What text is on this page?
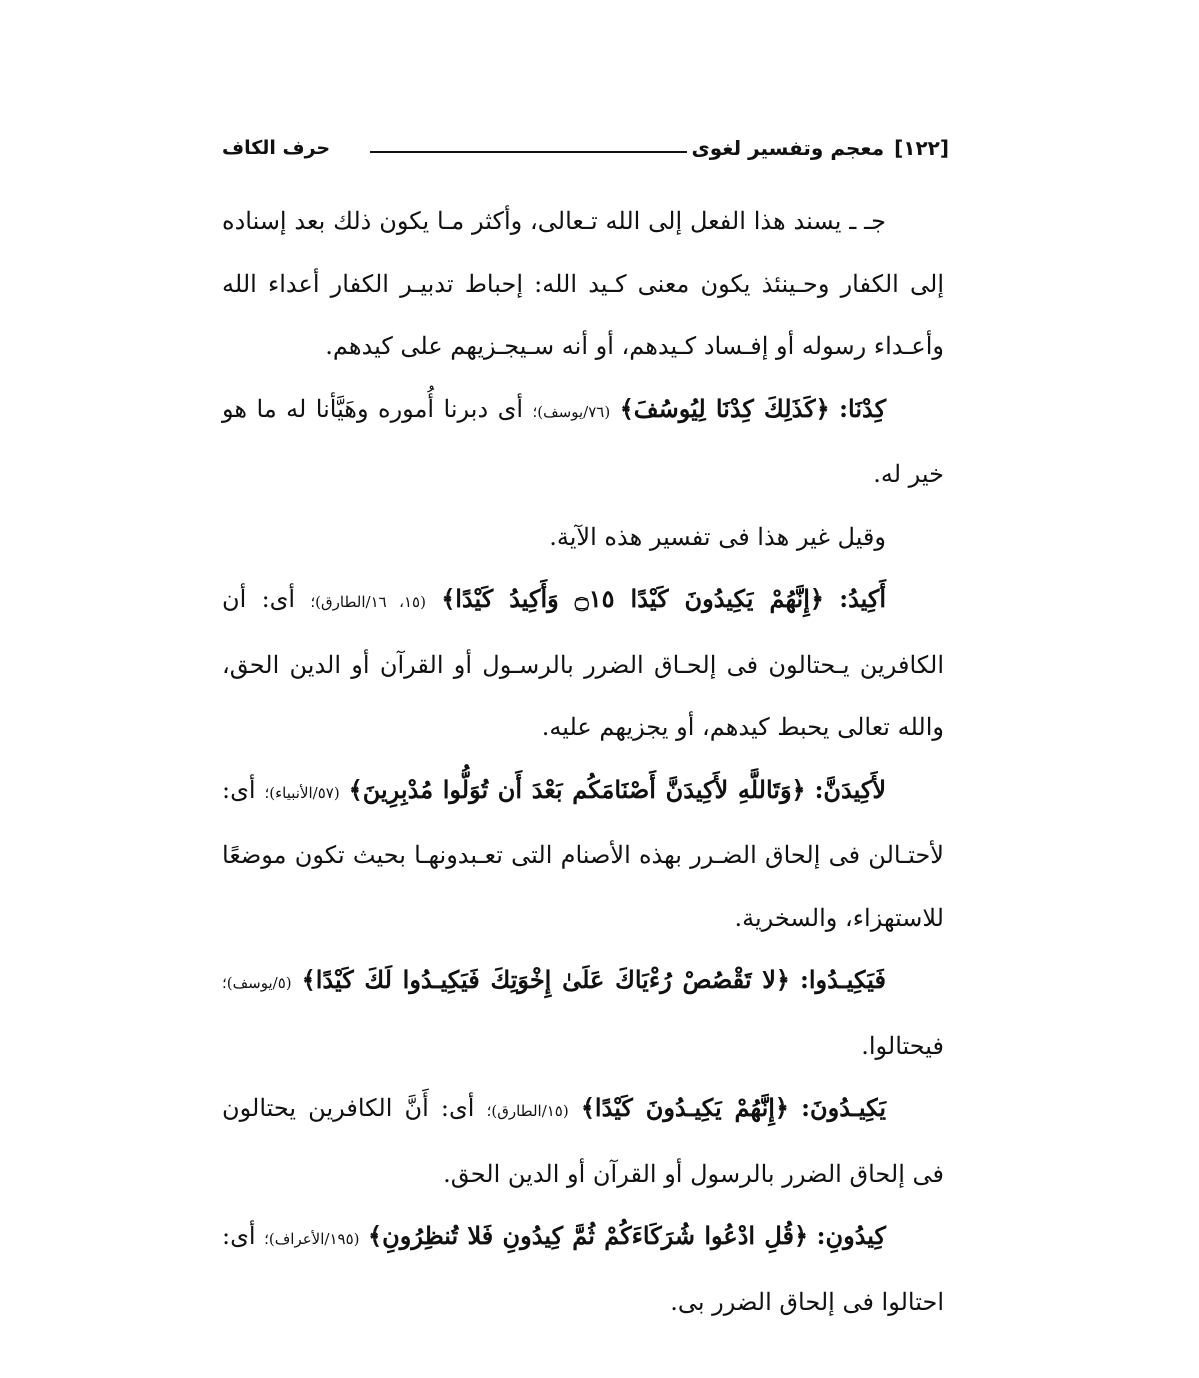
[١٢٢]
معجم وتفسير لغوى
حرف الكاف

جـ ـ يسند هذا الفعل إلى الله تـعالى، وأكثر مـا يكون ذلك بعد إسناده إلى الكفار وحـينئذ يكون معنى كـيد الله: إحباط تدبيـر الكفار أعداء الله وأعـداء رسوله أو إفـساد كـيدهم، أو أنه سـيجـزيهم على كيدهم.

كِدْنَا: ﴿كَذَلِكَ كِدْنَا لِيُوسُفَ﴾ (٧٦/يوسف)؛ أى دبرنا أُموره وهَيَّأنا له ما هو خير له.

وقيل غير هذا فى تفسير هذه الآية.

أَكِيدُ: ﴿إِنَّهُمْ يَكِيدُونَ كَيْدًا ۝١٥ وَأَكِيدُ كَيْدًا﴾ (١٥، ١٦/الطارق)؛ أى: أن الكافرين يـحتالون فى إلحـاق الضرر بالرسـول أو القرآن أو الدين الحق، والله تعالى يحبط كيدهم، أو يجزيهم عليه.

لأَكِيدَنَّ: ﴿وَتَاللَّهِ لأَكِيدَنَّ أَصْنَامَكُم بَعْدَ أَن تُوَلُّوا مُدْبِرِينَ﴾ (٥٧/الأنبياء)؛ أى: لأحتـالن فى إلحاق الضـرر بهذه الأصنام التى تعـبدونهـا بحيث تكون موضعًا للاستهزاء، والسخرية.

فَيَكِيـدُوا: ﴿لا تَقْصُصْ رُءْيَاكَ عَلَىٰ إِخْوَتِكَ فَيَكِيـدُوا لَكَ كَيْدًا﴾ (٥/يوسف)؛ فيحتالوا.

يَكِيـدُونَ: ﴿إِنَّهُمْ يَكِيـدُونَ كَيْدًا﴾ (١٥/الطارق)؛ أى: أَنَّ الكافرين يحتالون فى إلحاق الضرر بالرسول أو القرآن أو الدين الحق.

كِيدُونِ: ﴿قُلِ ادْعُوا شُرَكَاءَكُمْ ثُمَّ كِيدُونِ فَلا تُنظِرُونِ﴾ (١٩٥/الأعراف)؛ أى: احتالوا فى إلحاق الضرر بى.
